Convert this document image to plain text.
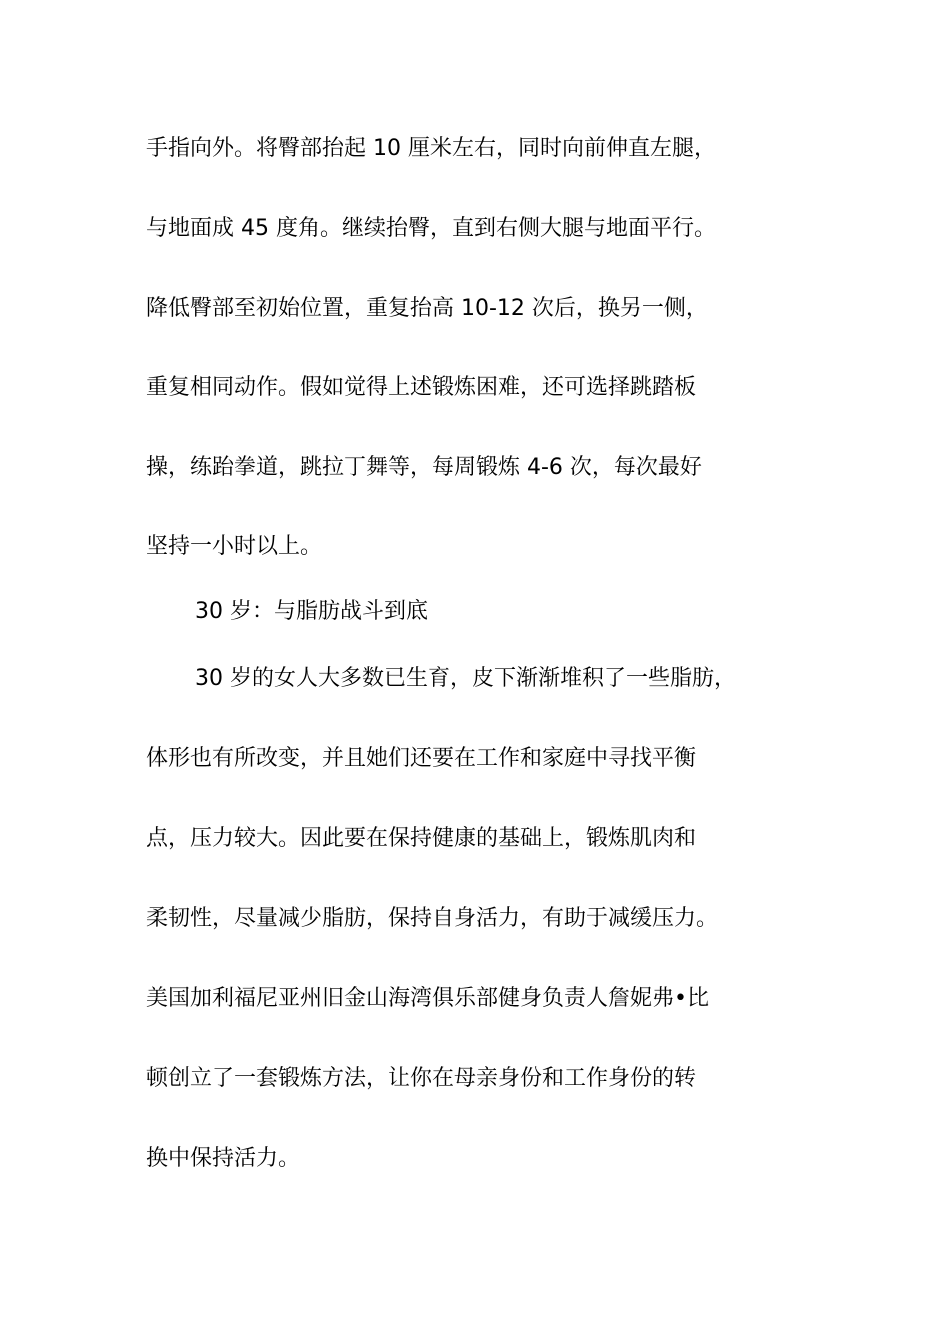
手指向外。将臀部抬起 10 厘米左右，同时向前伸直左腿，
与地面成 45 度角。继续抬臀，直到右侧大腿与地面平行。
降低臀部至初始位置，重复抬高 10-12 次后，换另一侧，
重复相同动作。假如觉得上述锻炼困难，还可选择跳踏板
操，练跆拳道，跳拉丁舞等，每周锻炼 4-6 次，每次最好
坚持一小时以上。
30 岁：与脂肪战斗到底
30 岁的女人大多数已生育，皮下渐渐堆积了一些脂肪，
体形也有所改变，并且她们还要在工作和家庭中寻找平衡
点，压力较大。因此要在保持健康的基础上，锻炼肌肉和
柔韧性，尽量减少脂肪，保持自身活力，有助于减缓压力。
美国加利福尼亚州旧金山海湾俱乐部健身负责人詹妮弗•比
顿创立了一套锻炼方法，让你在母亲身份和工作身份的转
换中保持活力。
